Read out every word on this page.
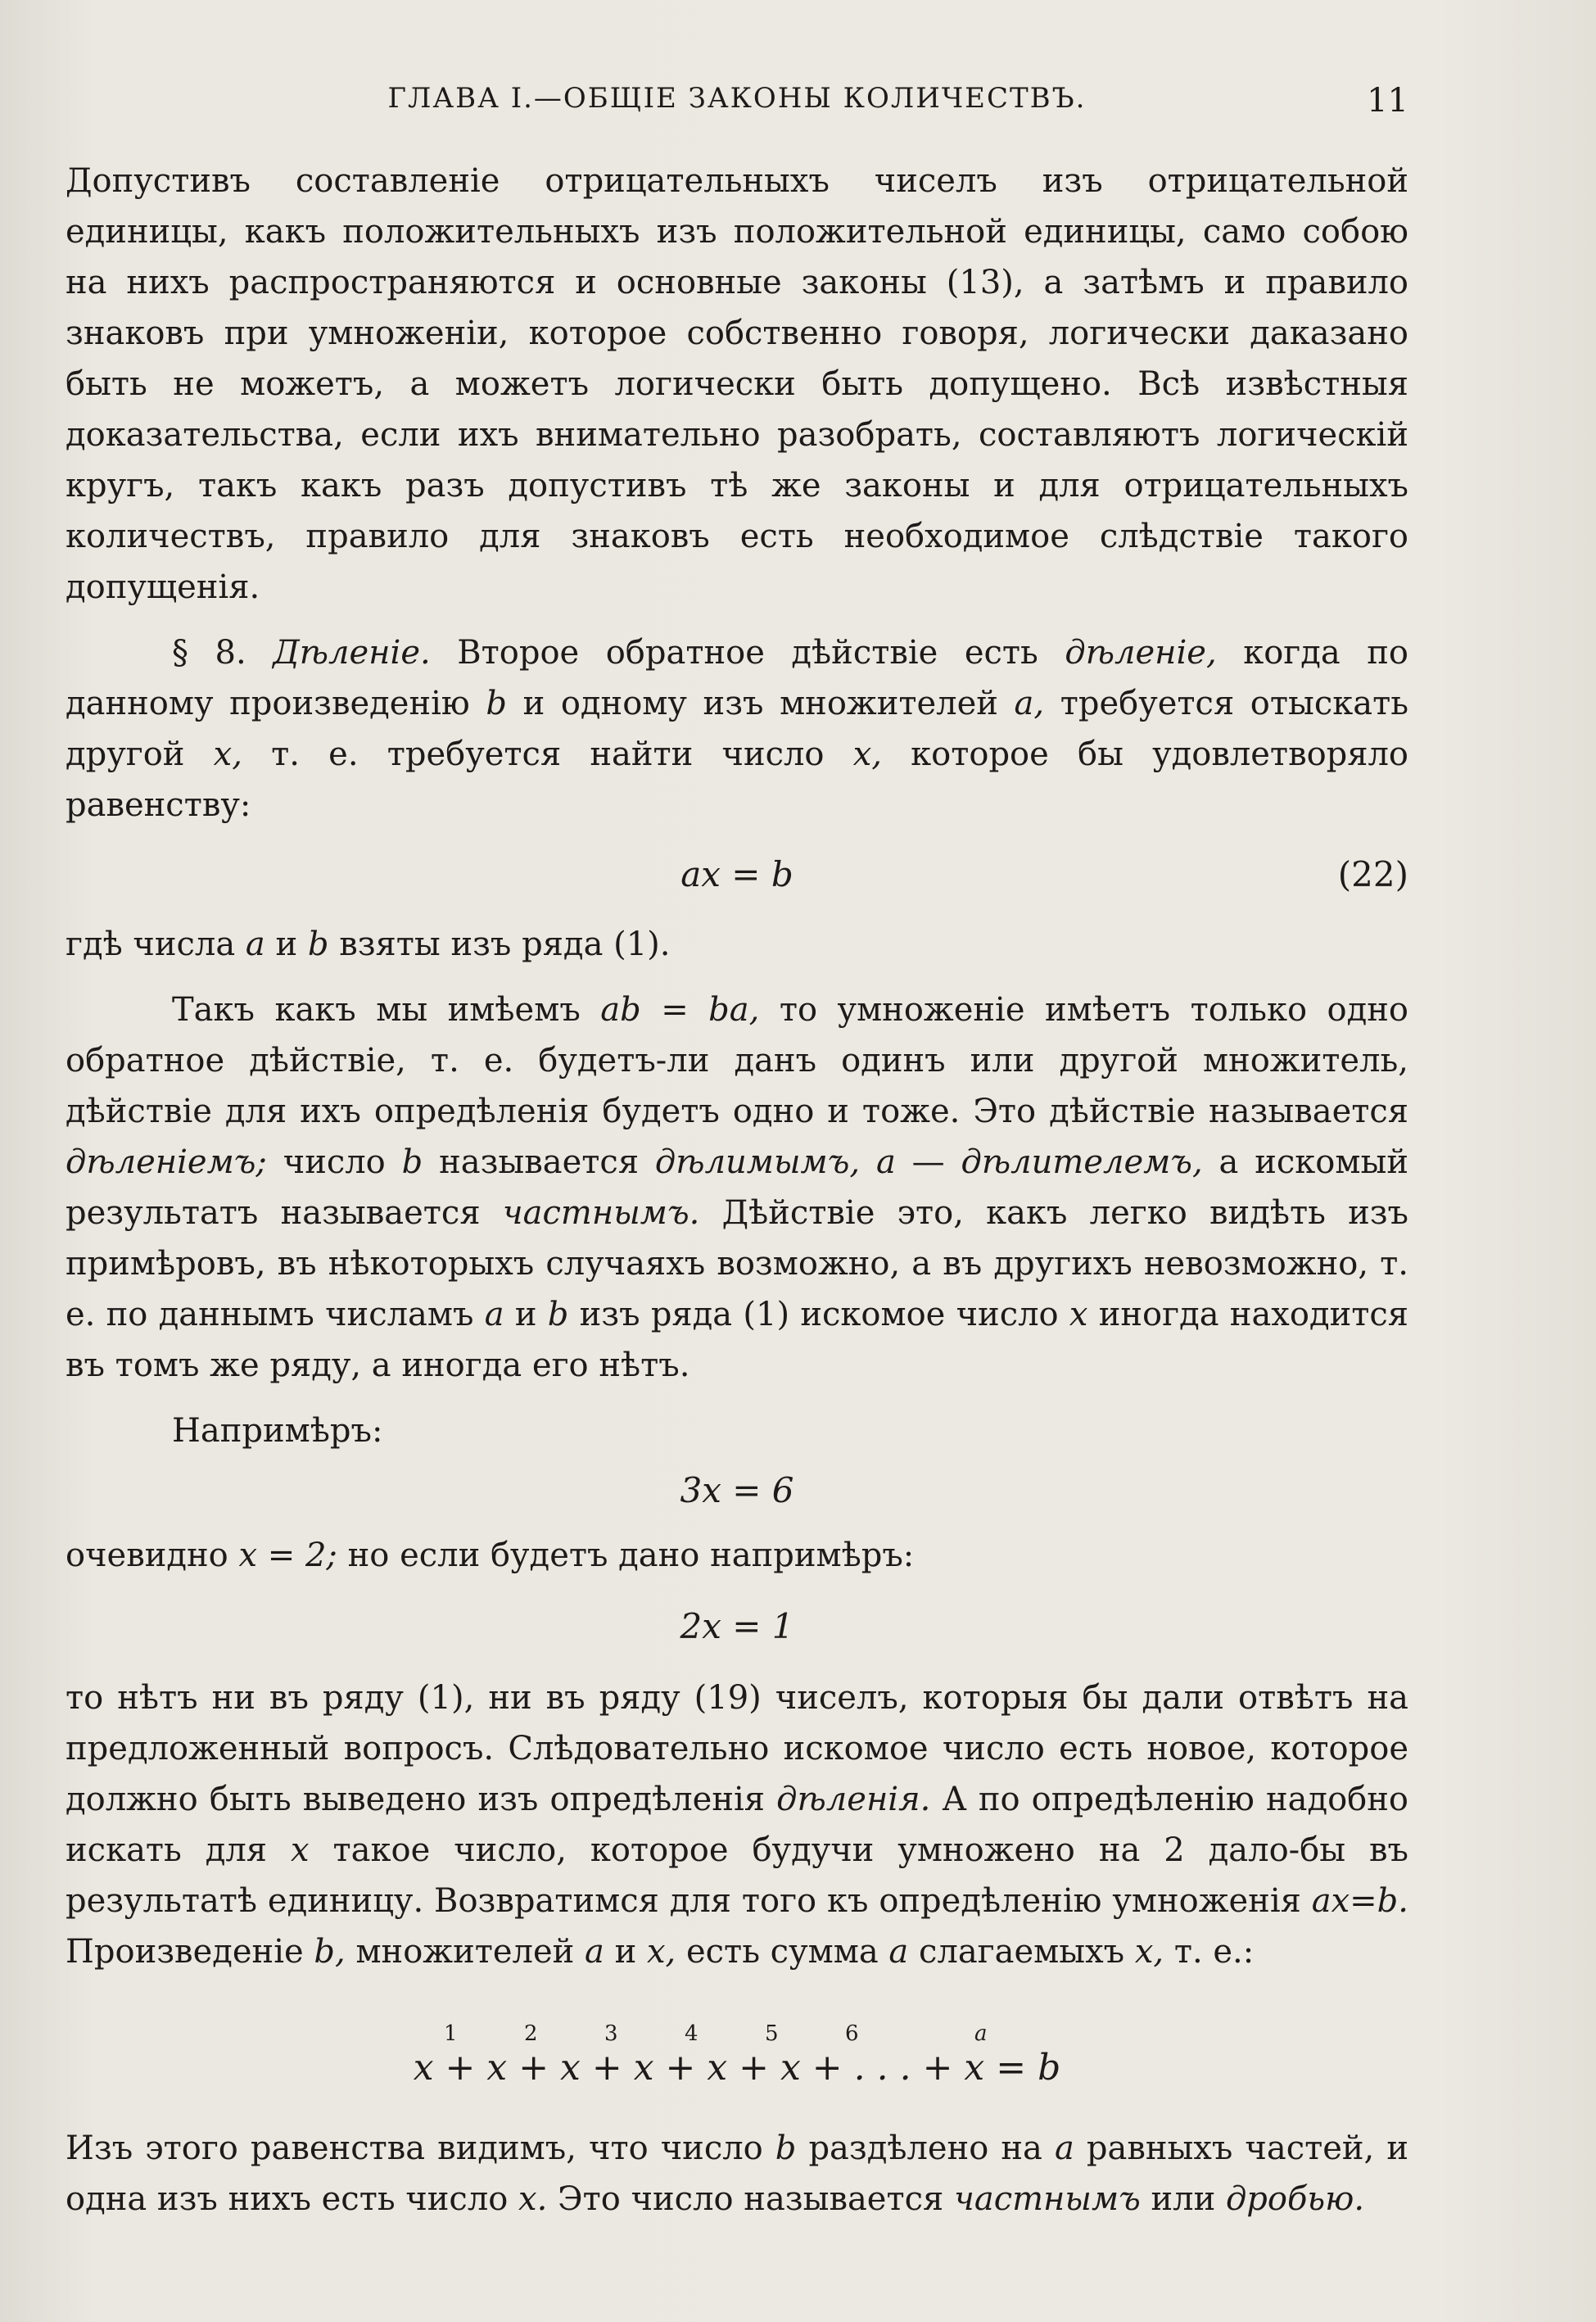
ГЛАВА I.—ОБЩІЕ ЗАКОНЫ КОЛИЧЕСТВЪ.	11

Допустивъ составленіе отрицательныхъ чиселъ изъ отрицательной единицы, какъ положительныхъ изъ положительной единицы, само собою на нихъ распространяются и основные законы (13), а затѣмъ и правило знаковъ при умноженіи, которое собственно говоря, логически даказано быть не можетъ, а можетъ логически быть допущено. Всѣ извѣстныя доказательства, если ихъ внимательно разобрать, составляютъ логическій кругъ, такъ какъ разъ допустивъ тѣ же законы и для отрицательныхъ количествъ, правило для знаковъ есть необходимое слѣдствіе такого допущенія.

§ 8. Дѣленіе. Второе обратное дѣйствіе есть дѣленіе, когда по данному произведенію b и одному изъ множителей a, требуется отыскать другой x, т. е. требуется найти число x, которое бы удовлетворяло равенству:

ax = b	(22)

гдѣ числа a и b взяты изъ ряда (1).

Такъ какъ мы имѣемъ ab = ba, то умноженіе имѣетъ только одно обратное дѣйствіе, т. е. будетъ-ли данъ одинъ или другой множитель, дѣйствіе для ихъ опредѣленія будетъ одно и тоже. Это дѣйствіе называется дѣленіемъ; число b называется дѣлимымъ, a — дѣлителемъ, а искомый результатъ называется частнымъ. Дѣйствіе это, какъ легко видѣть изъ примѣровъ, въ нѣкоторыхъ случаяхъ возможно, а въ другихъ невозможно, т. е. по даннымъ числамъ a и b изъ ряда (1) искомое число x иногда находится въ томъ же ряду, а иногда его нѣтъ.

Напримѣръ:

3x = 6

очевидно x = 2; но если будетъ дано напримѣръ:

2x = 1

то нѣтъ ни въ ряду (1), ни въ ряду (19) чиселъ, которыя бы дали отвѣтъ на предложенный вопросъ. Слѣдовательно искомое число есть новое, которое должно быть выведено изъ опредѣленія дѣленія. А по опредѣленію надобно искать для x такое число, которое будучи умножено на 2 дало-бы въ результатѣ единицу. Возвратимся для того къ опредѣленію умноженія ax=b. Произведеніе b, множителей a и x, есть сумма a слагаемыхъ x, т. е.:

1	2	3	4	5	6	a
x + x + x + x + x + x + . . . + x = b

Изъ этого равенства видимъ, что число b раздѣлено на a равныхъ частей, и одна изъ нихъ есть число x. Это число называется частнымъ или дробью.
